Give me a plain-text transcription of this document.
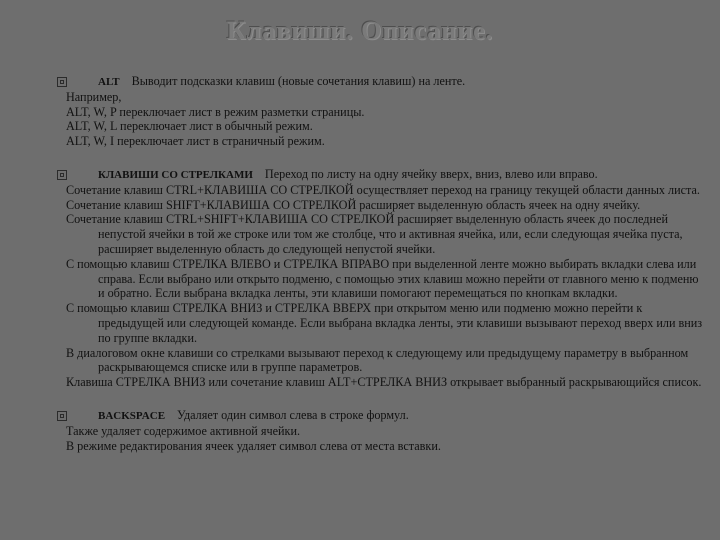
Клавиши. Описание.
ALT Выводит подсказки клавиш (новые сочетания клавиш) на ленте.

Например,

ALT, W, P переключает лист в режим разметки страницы.

ALT, W, L переключает лист в обычный режим.

ALT, W, I переключает лист в страничный режим.

КЛАВИШИ СО СТРЕЛКАМИ Переход по листу на одну ячейку вверх, вниз, влево или вправо.

Сочетание клавиш CTRL+КЛАВИША СО СТРЕЛКОЙ осуществляет переход на границу текущей области данных листа.

Сочетание клавиш SHIFT+КЛАВИША СО СТРЕЛКОЙ расширяет выделенную область ячеек на одну ячейку.

Сочетание клавиш CTRL+SHIFT+КЛАВИША СО СТРЕЛКОЙ расширяет выделенную область ячеек до последней непустой ячейки в той же строке или том же столбце, что и активная ячейка, или, если следующая ячейка пуста, расширяет выделенную область до следующей непустой ячейки.

С помощью клавиш СТРЕЛКА ВЛЕВО и СТРЕЛКА ВПРАВО при выделенной ленте можно выбирать вкладки слева или справа. Если выбрано или открыто подменю, с помощью этих клавиш можно перейти от главного меню к подменю и обратно. Если выбрана вкладка ленты, эти клавиши помогают перемещаться по кнопкам вкладки.

С помощью клавиш СТРЕЛКА ВНИЗ и СТРЕЛКА ВВЕРХ при открытом меню или подменю можно перейти к предыдущей или следующей команде. Если выбрана вкладка ленты, эти клавиши вызывают переход вверх или вниз по группе вкладки.

В диалоговом окне клавиши со стрелками вызывают переход к следующему или предыдущему параметру в выбранном раскрывающемся списке или в группе параметров.

Клавиша СТРЕЛКА ВНИЗ или сочетание клавиш ALT+СТРЕЛКА ВНИЗ открывает выбранный раскрывающийся список.

BACKSPACE Удаляет один символ слева в строке формул.

Также удаляет содержимое активной ячейки.

В режиме редактирования ячеек удаляет символ слева от места вставки.
